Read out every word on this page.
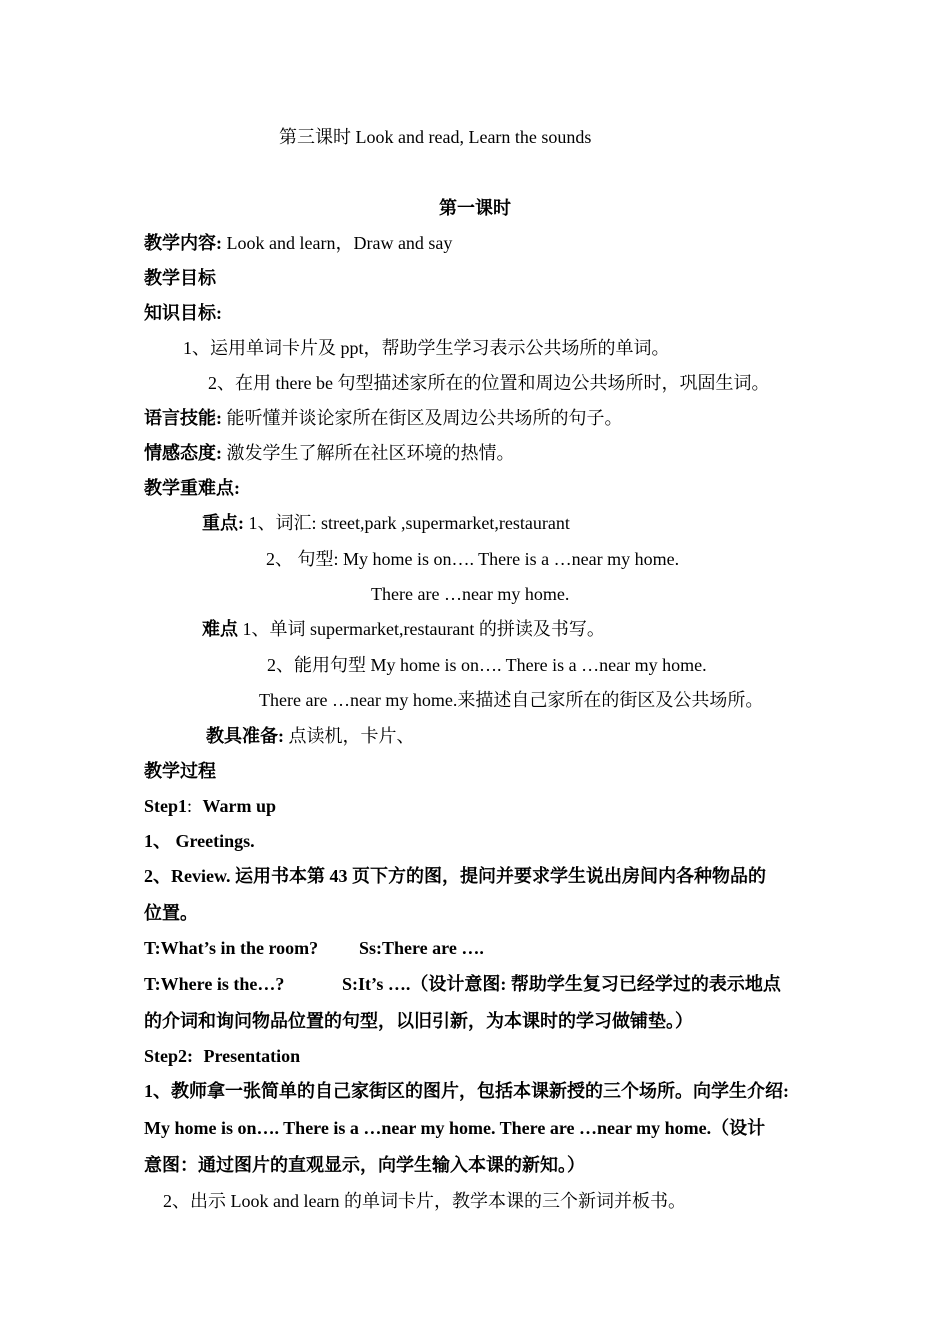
第三课时 Look and read, Learn the sounds
第一课时
教学内容: Look and learn，Draw and say
教学目标
知识目标:
1、运用单词卡片及 ppt，帮助学生学习表示公共场所的单词。
2、在用 there be 句型描述家所在的位置和周边公共场所时，巩固生词。
语言技能: 能听懂并谈论家所在街区及周边公共场所的句子。
情感态度: 激发学生了解所在社区环境的热情。
教学重难点:
重点: 1、词汇: street,park ,supermarket,restaurant
2、 句型: My home is on…. There is a …near my home.
There are …near my home.
难点 1、单词 supermarket,restaurant 的拼读及书写。
2、能用句型 My home is on…. There is a …near my home.
There are …near my home.来描述自己家所在的街区及公共场所。
教具准备: 点读机，卡片、
教学过程
Step1: Warm up
1、 Greetings.
2、Review. 运用书本第 43 页下方的图，提问并要求学生说出房间内各种物品的
位置。
T:What’s in the room? Ss:There are ….
T:Where is the…?	S:It’s ….（设计意图: 帮助学生复习已经学过的表示地点
的介词和询问物品位置的句型，以旧引新，为本课时的学习做铺垫。）
Step2: Presentation
1、教师拿一张简单的自己家街区的图片，包括本课新授的三个场所。向学生介绍:
My home is on…. There is a …near my home. There are …near my home.（设计
意图：通过图片的直观显示，向学生输入本课的新知。）
2、出示 Look and learn 的单词卡片，教学本课的三个新词并板书。
